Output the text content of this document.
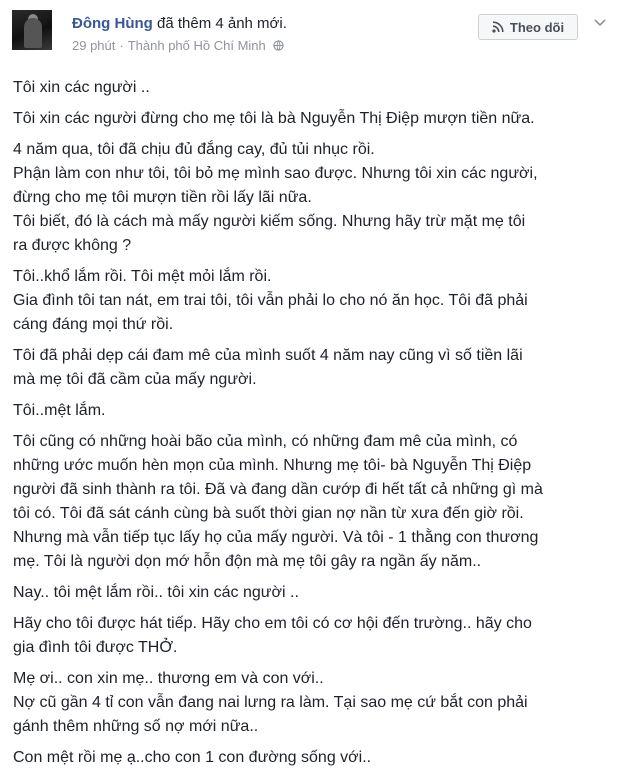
Đông Hùng đã thêm 4 ảnh mới.
29 phút · Thành phố Hồ Chí Minh
Theo dõi
Tôi xin các người ..
Tôi xin các người đừng cho mẹ tôi là bà Nguyễn Thị Điệp mượn tiền nữa.
4 năm qua, tôi đã chịu đủ đắng cay, đủ tủi nhục rồi.
Phận làm con như tôi, tôi bỏ mẹ mình sao được. Nhưng tôi xin các người,
đừng cho mẹ tôi mượn tiền rồi lấy lãi nữa.
Tôi biết, đó là cách mà mấy người kiếm sống. Nhưng hãy trừ mặt mẹ tôi
ra được không ?
Tôi..khổ lắm rồi. Tôi mệt mỏi lắm rồi.
Gia đình tôi tan nát, em trai tôi, tôi vẫn phải lo cho nó ăn học. Tôi đã phải
cáng đáng mọi thứ rồi.
Tôi đã phải dẹp cái đam mê của mình suốt 4 năm nay cũng vì số tiền lãi
mà mẹ tôi đã cầm của mấy người.
Tôi..mệt lắm.
Tôi cũng có những hoài bão của mình, có những đam mê của mình, có
những ước muốn hèn mọn của mình. Nhưng mẹ tôi- bà Nguyễn Thị Điệp
người đã sinh thành ra tôi. Đã và đang dần cướp đi hết tất cả những gì mà
tôi có. Tôi đã sát cánh cùng bà suốt thời gian nợ nần từ xưa đến giờ rồi.
Nhưng mà vẫn tiếp tục lấy họ của mấy người. Và tôi - 1 thằng con thương
mẹ. Tôi là người dọn mớ hỗn độn mà mẹ tôi gây ra ngần ấy năm..
Nay.. tôi mệt lắm rồi.. tôi xin các người ..
Hãy cho tôi được hát tiếp. Hãy cho em tôi có cơ hội đến trường.. hãy cho
gia đình tôi được THỞ.
Mẹ ơi.. con xin mẹ.. thương em và con với..
Nợ cũ gần 4 tỉ con vẫn đang nai lưng ra làm. Tại sao mẹ cứ bắt con phải
gánh thêm những số nợ mới nữa..
Con mệt rồi mẹ ạ..cho con 1 con đường sống với..
